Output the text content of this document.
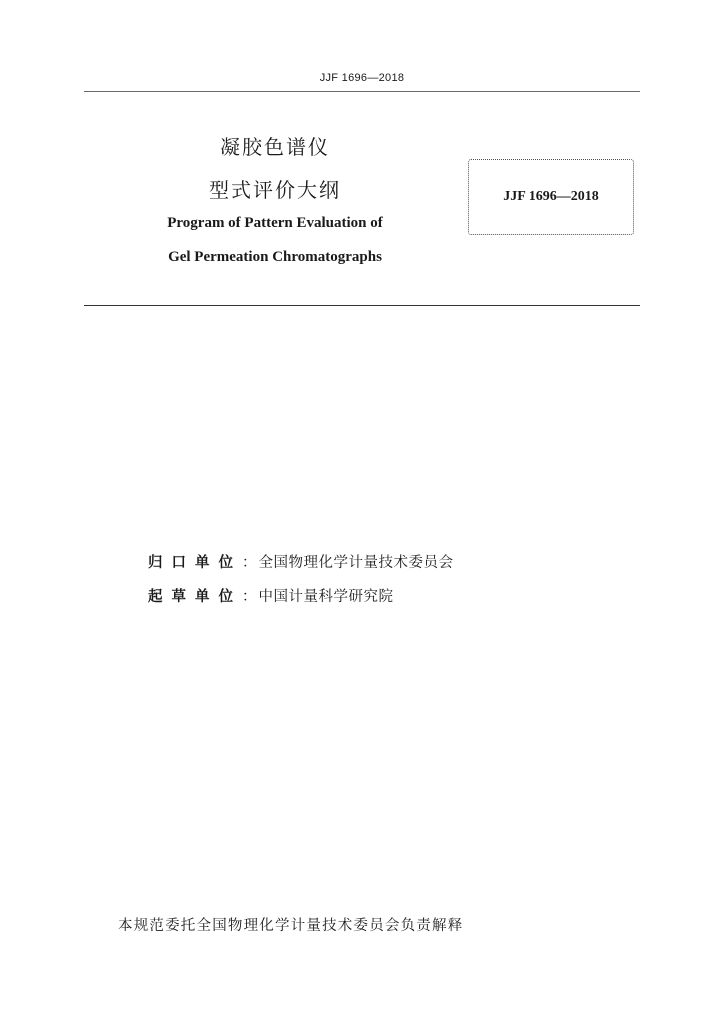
JJF 1696—2018
凝胶色谱仪
型式评价大纲
Program of Pattern Evaluation of
Gel Permeation Chromatographs
JJF 1696—2018
归口单位 ： 全国物理化学计量技术委员会
起草单位 ： 中国计量科学研究院
本规范委托全国物理化学计量技术委员会负责解释
